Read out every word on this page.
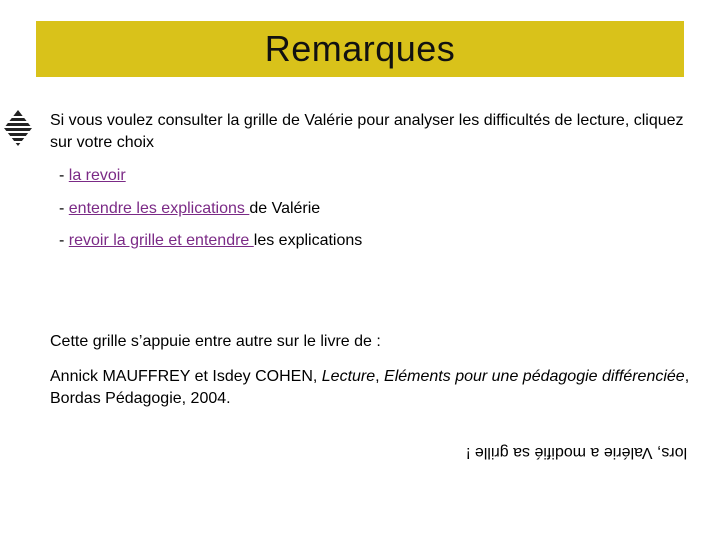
Remarques
Si vous voulez consulter la grille de Valérie pour analyser les difficultés de lecture, cliquez sur votre choix
- la revoir
- entendre les explications de Valérie
- revoir la grille et entendre les explications
Cette grille s’appuie entre autre sur le livre de :
Annick MAUFFREY et Isdey COHEN, Lecture, Eléments pour une pédagogie différenciée, Bordas Pédagogie, 2004.
lors, Valérie a modifié sa grille !
